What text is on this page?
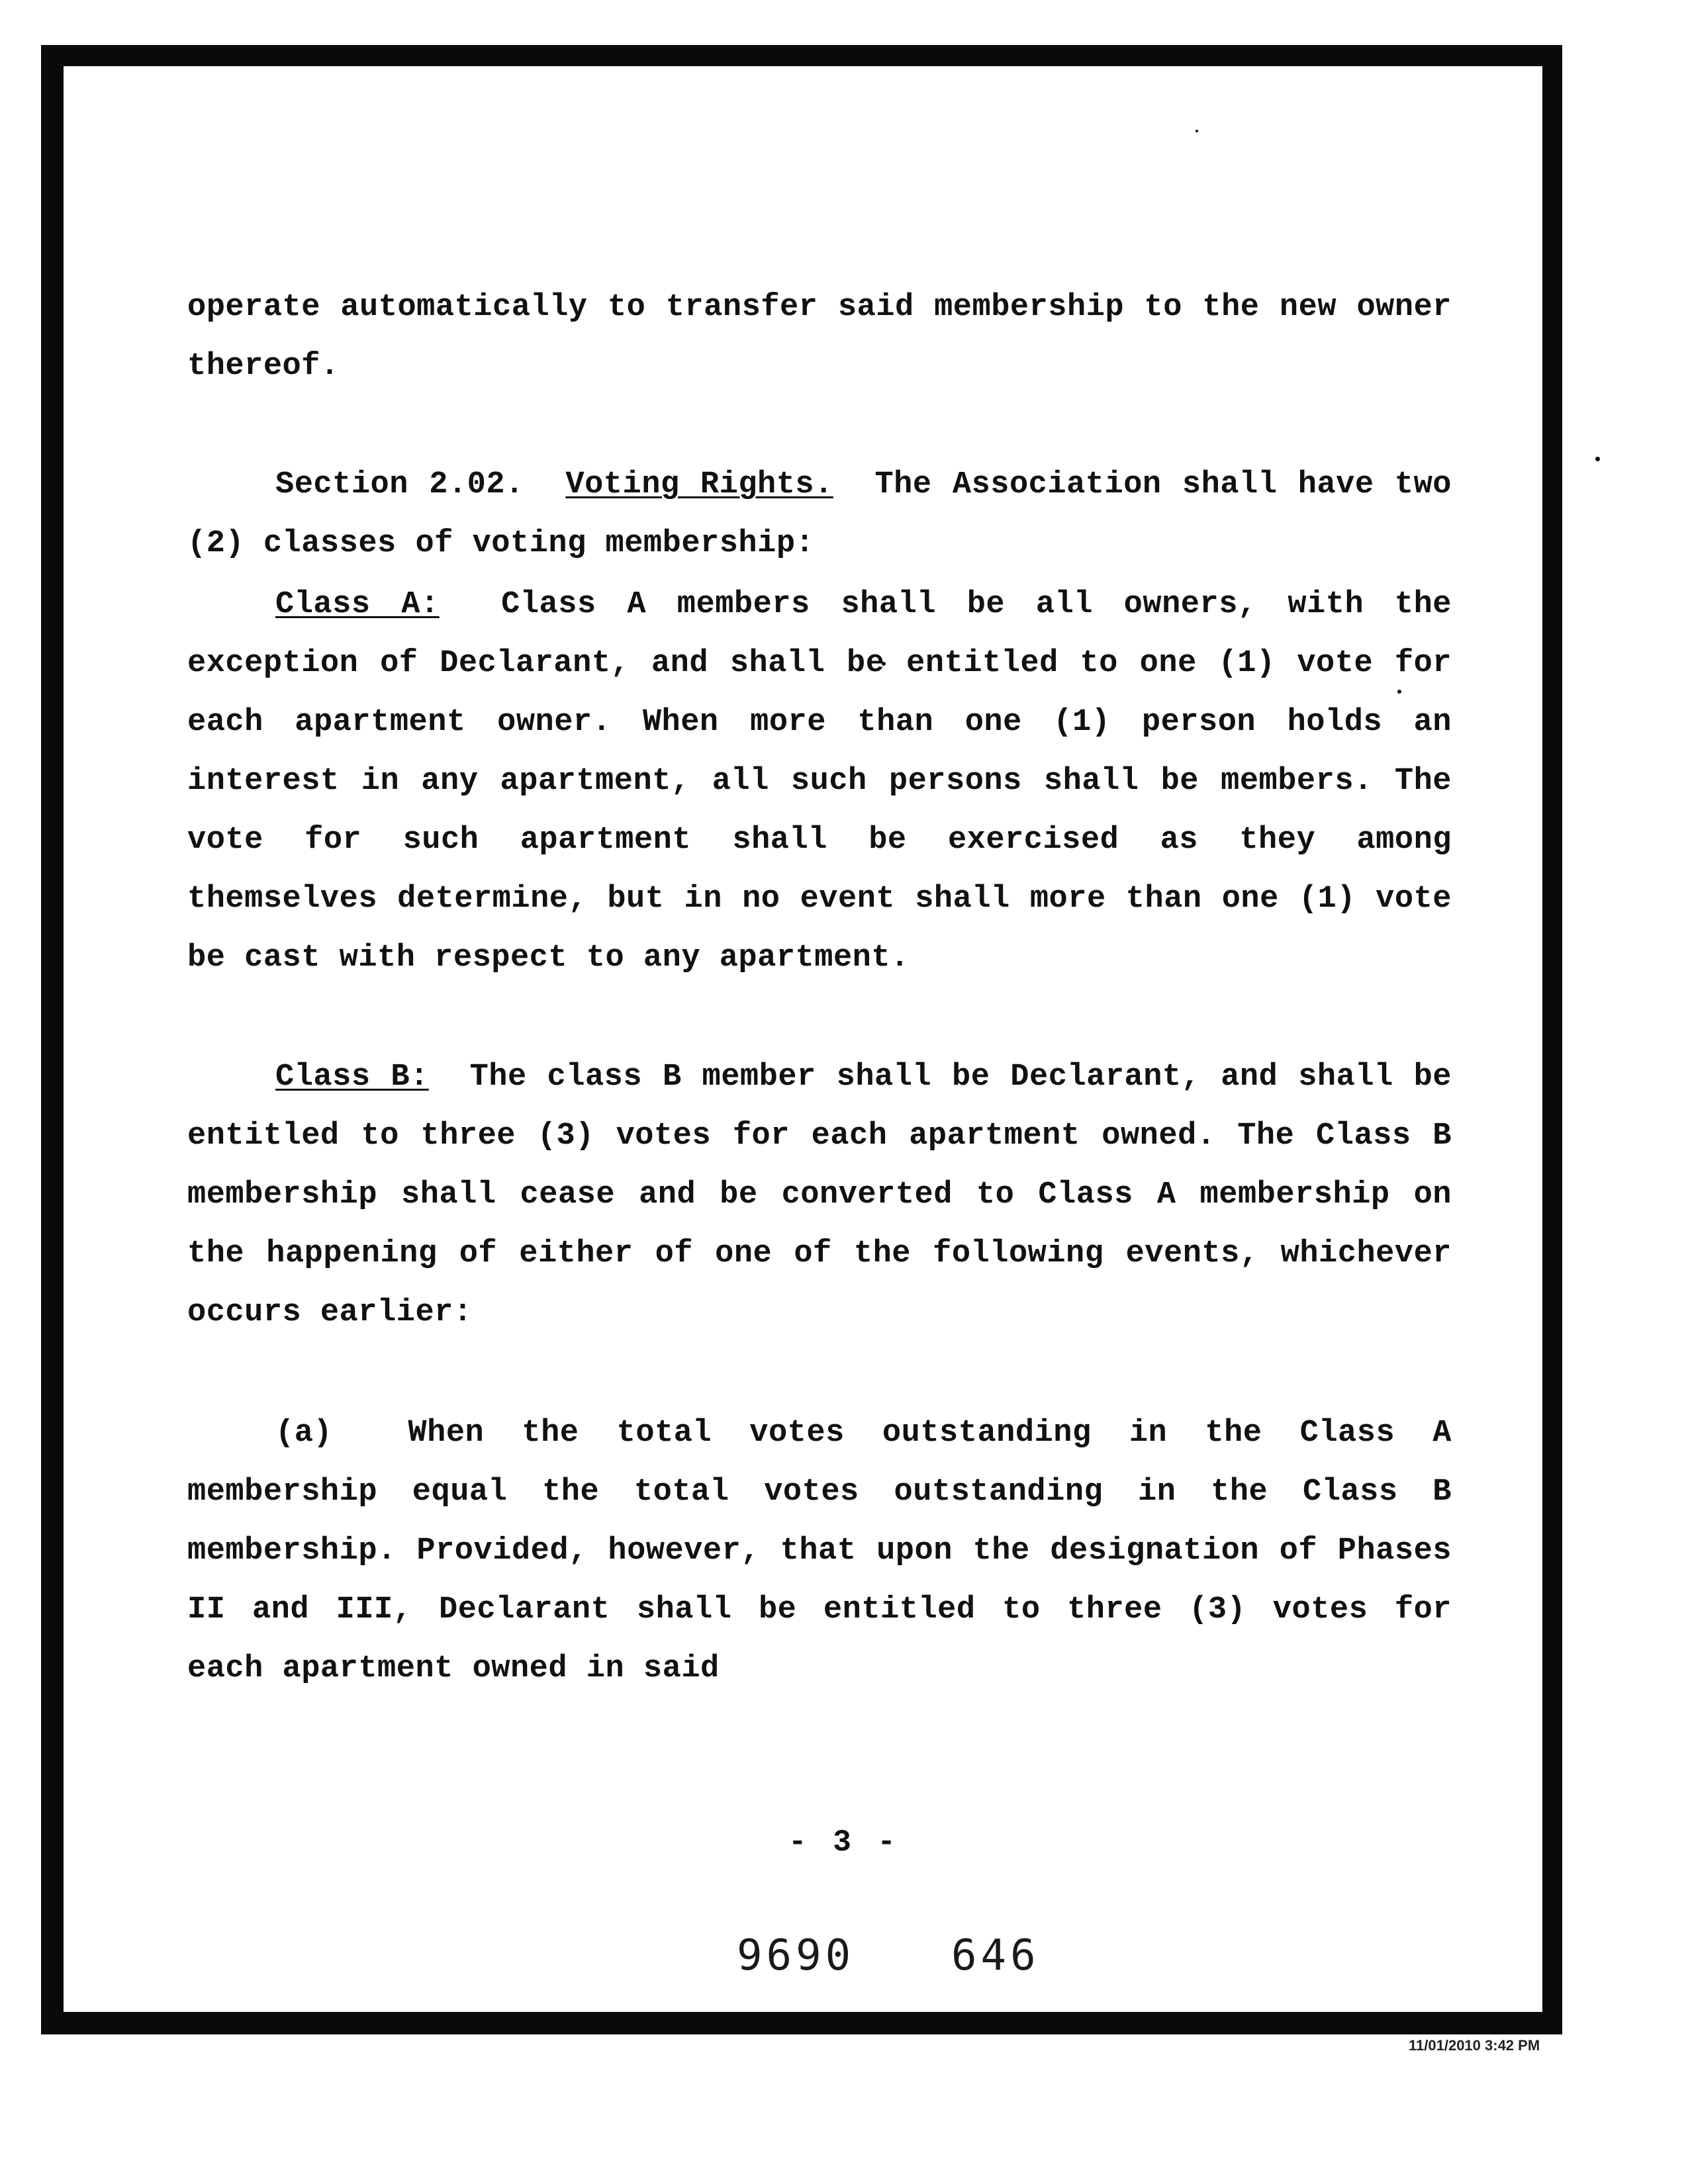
operate automatically to transfer said membership to the new owner thereof.

Section 2.02. Voting Rights. The Association shall have two (2) classes of voting membership:

Class A: Class A members shall be all owners, with the exception of Declarant, and shall be entitled to one (1) vote for each apartment owner. When more than one (1) person holds an interest in any apartment, all such persons shall be members. The vote for such apartment shall be exercised as they among themselves determine, but in no event shall more than one (1) vote be cast with respect to any apartment.

Class B: The class B member shall be Declarant, and shall be entitled to three (3) votes for each apartment owned. The Class B membership shall cease and be converted to Class A membership on the happening of either of one of the following events, whichever occurs earlier:

(a) When the total votes outstanding in the Class A membership equal the total votes outstanding in the Class B membership. Provided, however, that upon the designation of Phases II and III, Declarant shall be entitled to three (3) votes for each apartment owned in said

- 3 -
9690 646
11/01/2010 3:42 PM
